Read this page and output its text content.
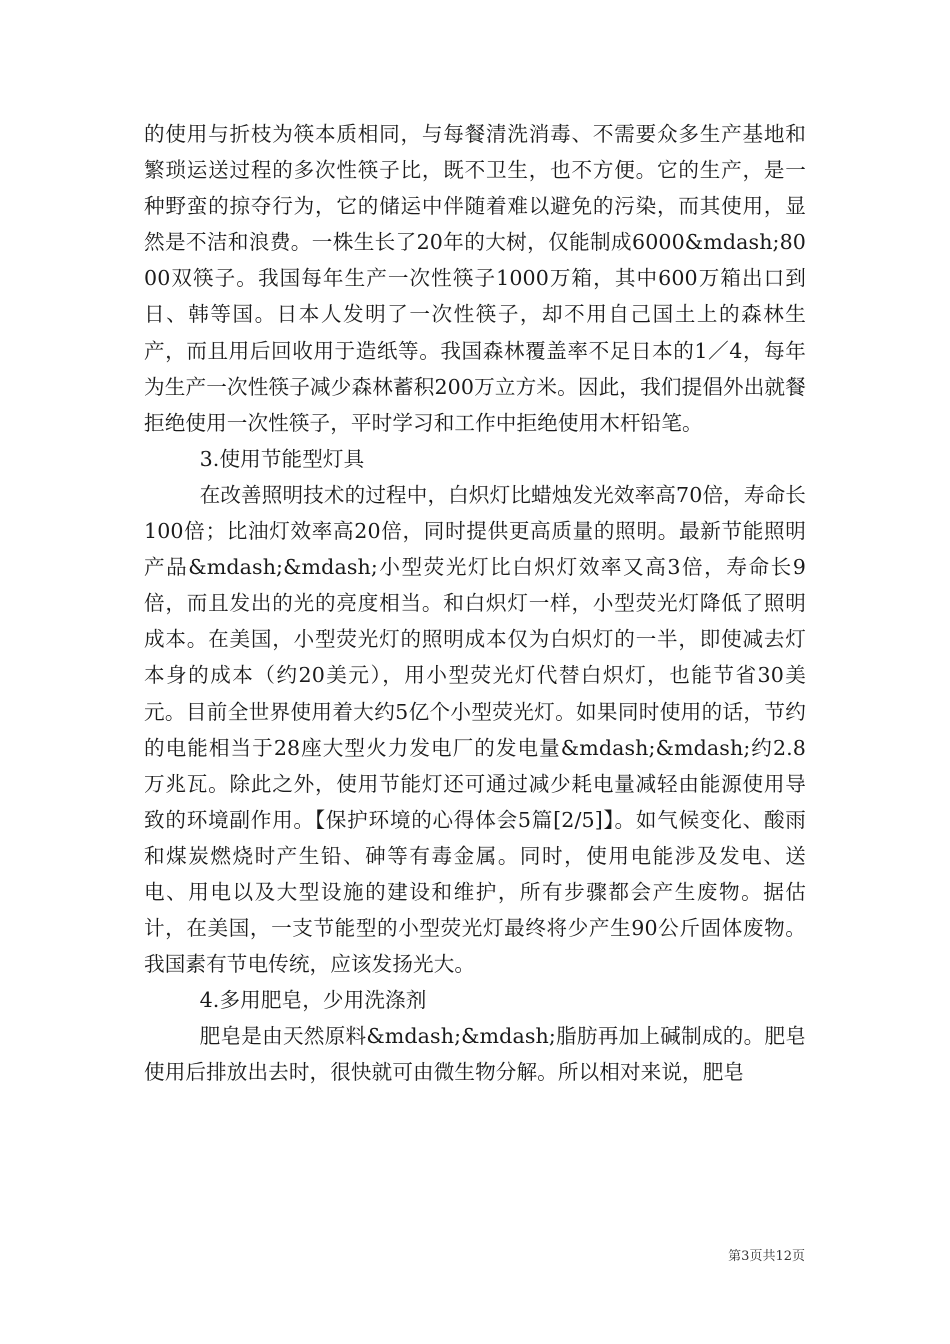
的使用与折枝为筷本质相同，与每餐清洗消毒、不需要众多生产基地和繁琐运送过程的多次性筷子比，既不卫生，也不方便。它的生产，是一种野蛮的掠夺行为，它的储运中伴随着难以避免的污染，而其使用，显然是不洁和浪费。一株生长了20年的大树，仅能制成6000&mdash;8000双筷子。我国每年生产一次性筷子1000万箱，其中600万箱出口到日、韩等国。日本人发明了一次性筷子，却不用自己国土上的森林生产，而且用后回收用于造纸等。我国森林覆盖率不足日本的1／4，每年为生产一次性筷子减少森林蓄积200万立方米。因此，我们提倡外出就餐拒绝使用一次性筷子，平时学习和工作中拒绝使用木杆铅笔。

3.使用节能型灯具

在改善照明技术的过程中，白炽灯比蜡烛发光效率高70倍，寿命长100倍；比油灯效率高20倍，同时提供更高质量的照明。最新节能照明产品&mdash;&mdash;小型荧光灯比白炽灯效率又高3倍，寿命长9倍，而且发出的光的亮度相当。和白炽灯一样，小型荧光灯降低了照明成本。在美国，小型荧光灯的照明成本仅为白炽灯的一半，即使减去灯本身的成本（约20美元），用小型荧光灯代替白炽灯，也能节省30美元。目前全世界使用着大约5亿个小型荧光灯。如果同时使用的话，节约的电能相当于28座大型火力发电厂的发电量&mdash;&mdash;约2.8万兆瓦。除此之外，使用节能灯还可通过减少耗电量减轻由能源使用导致的环境副作用。【保护环境的心得体会5篇[2/5]】。如气候变化、酸雨和煤炭燃烧时产生铅、砷等有毒金属。同时，使用电能涉及发电、送电、用电以及大型设施的建设和维护，所有步骤都会产生废物。据估计，在美国，一支节能型的小型荧光灯最终将少产生90公斤固体废物。我国素有节电传统，应该发扬光大。

4.多用肥皂，少用洗涤剂

肥皂是由天然原料&mdash;&mdash;脂肪再加上碱制成的。肥皂使用后排放出去时，很快就可由微生物分解。所以相对来说，肥皂

第3页共12页
